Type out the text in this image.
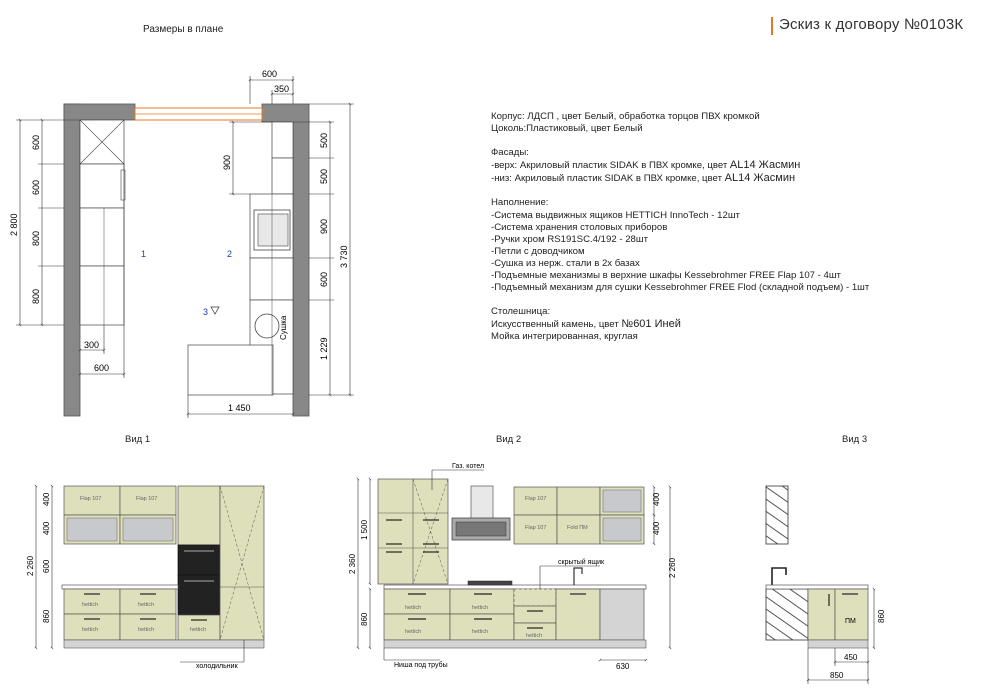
Размеры в плане	Эскиз к договору №0103К
Корпус: ЛДСП , цвет Белый, обработка торцов ПВХ кромкой
Цоколь:Пластиковый, цвет Белый
Фасады:
-верх: Акриловый пластик SIDAK в ПВХ кромке, цвет AL14 Жасмин
-низ: Акриловый пластик SIDAK в ПВХ кромке, цвет AL14 Жасмин
Наполнение:
-Система выдвижных ящиков HETTICH InnoTech - 12шт
-Система хранения столовых приборов
-Ручки хром RS191SC.4/192 - 28шт
-Петли с доводчиком
-Сушка из нерж. стали в 2х базах
-Подъемные механизмы в верхние шкафы Kessebrohmer FREE Flap 107 - 4шт
-Подъемный механизм для сушки Kessebrohmer FREE Flod (складной подъем) - 1шт
Столешница:
Искусственный камень, цвет №601 Иней
Мойка интегрированная, круглая
Вид 1	Вид 2	Вид 3
Сушка
1	2
3
600
600
800
800
2 800
300
600
600
350
900
500
500
900
600
1 229
3 730
1 450
Flap 107	Flap 107
hettich	hettich
hettich	hettich	hettich
2 260
400
400
600
860
холодильник
Газ. котел
Flap 107
Flap 107	Fold ПМ
скрытый ящик
hettich
hettich
hettich
hettich
hettich
2 360
1 500
860
400
400
2 260
Ниша под трубы	630
ПМ	860
450
850
